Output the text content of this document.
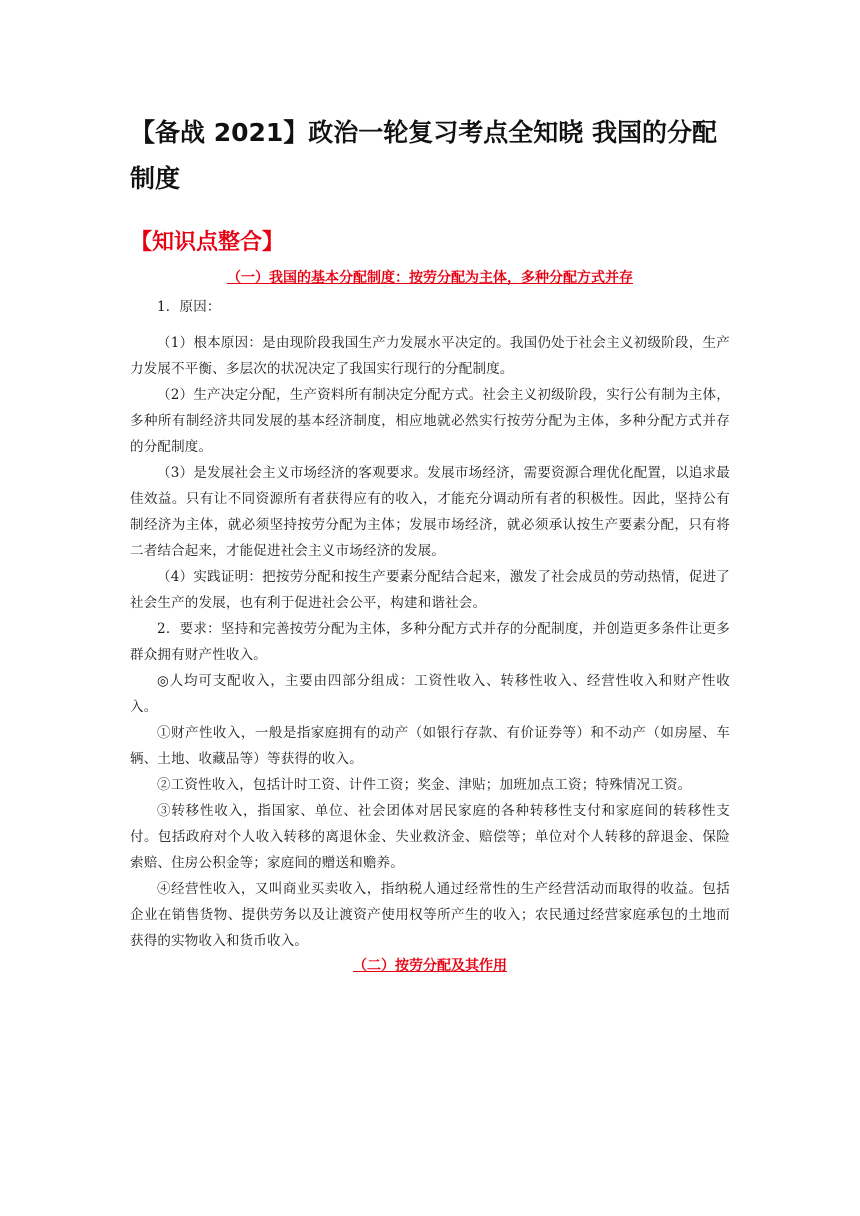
【备战 2021】政治一轮复习考点全知晓 我国的分配制度
【知识点整合】
（一）我国的基本分配制度：按劳分配为主体，多种分配方式并存

1．原因：

（1）根本原因：是由现阶段我国生产力发展水平决定的。我国仍处于社会主义初级阶段，生产力发展不平衡、多层次的状况决定了我国实行现行的分配制度。

（2）生产决定分配，生产资料所有制决定分配方式。社会主义初级阶段，实行公有制为主体，多种所有制经济共同发展的基本经济制度，相应地就必然实行按劳分配为主体，多种分配方式并存的分配制度。

（3）是发展社会主义市场经济的客观要求。发展市场经济，需要资源合理优化配置，以追求最佳效益。只有让不同资源所有者获得应有的收入，才能充分调动所有者的积极性。因此，坚持公有制经济为主体，就必须坚持按劳分配为主体；发展市场经济，就必须承认按生产要素分配，只有将二者结合起来，才能促进社会主义市场经济的发展。

（4）实践证明：把按劳分配和按生产要素分配结合起来，激发了社会成员的劳动热情，促进了社会生产的发展，也有利于促进社会公平，构建和谐社会。

2．要求：坚持和完善按劳分配为主体，多种分配方式并存的分配制度，并创造更多条件让更多群众拥有财产性收入。

◎人均可支配收入，主要由四部分组成：工资性收入、转移性收入、经营性收入和财产性收入。

①财产性收入，一般是指家庭拥有的动产（如银行存款、有价证券等）和不动产（如房屋、车辆、土地、收藏品等）等获得的收入。

②工资性收入，包括计时工资、计件工资；奖金、津贴；加班加点工资；特殊情况工资。

③转移性收入，指国家、单位、社会团体对居民家庭的各种转移性支付和家庭间的转移性支付。包括政府对个人收入转移的离退休金、失业救济金、赔偿等；单位对个人转移的辞退金、保险索赔、住房公积金等；家庭间的赠送和赡养。

④经营性收入，又叫商业买卖收入，指纳税人通过经常性的生产经营活动而取得的收益。包括企业在销售货物、提供劳务以及让渡资产使用权等所产生的收入；农民通过经营家庭承包的土地而获得的实物收入和货币收入。

（二）按劳分配及其作用
